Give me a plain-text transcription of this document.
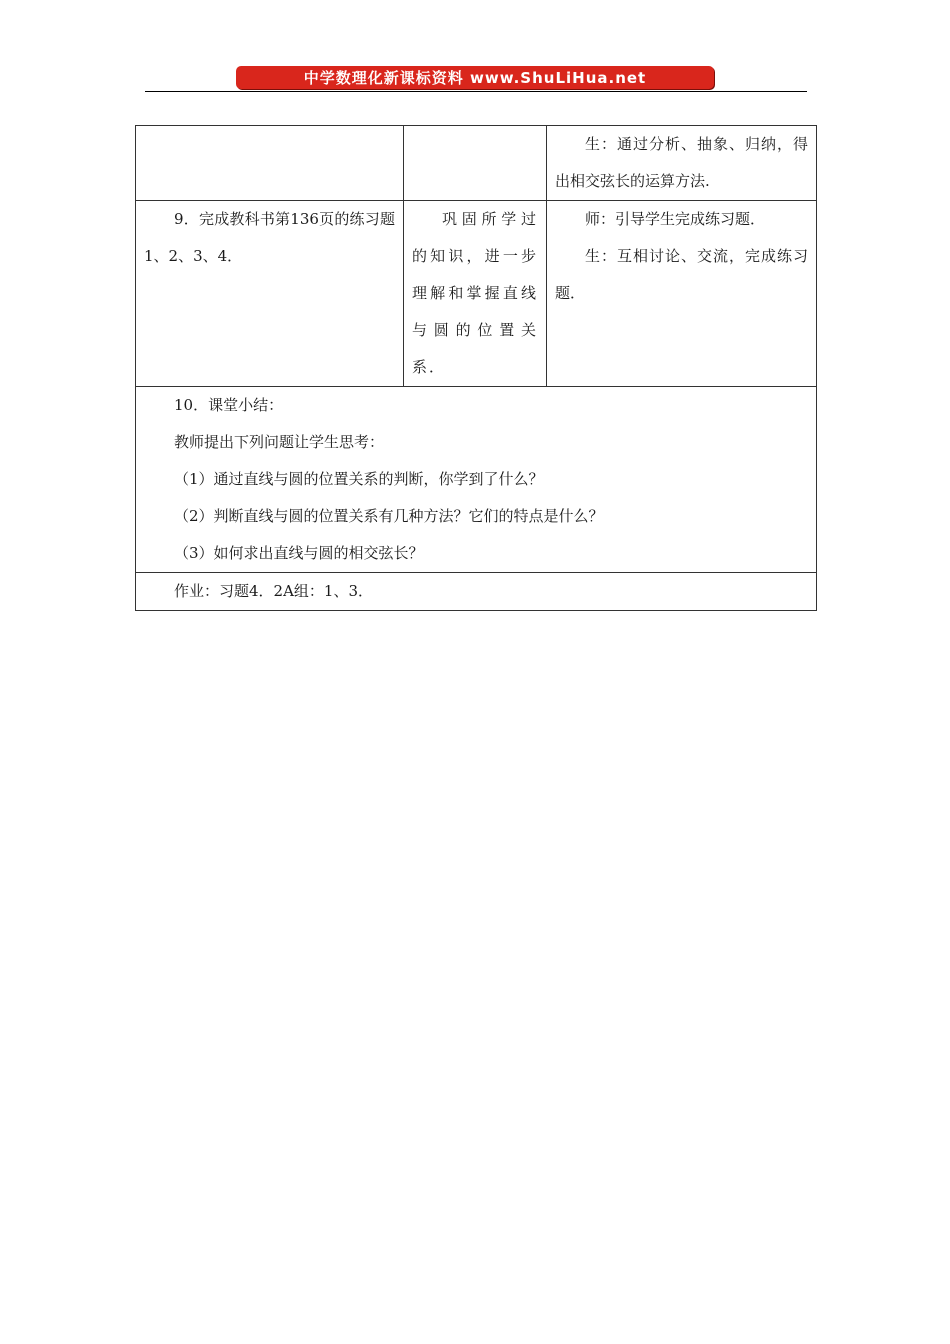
中学数理化新课标资料 www.ShuLiHua.net

		生：通过分析、抽象、归纳，得出相交弦长的运算方法.

9．完成教科书第136页的练习题1、2、3、4．	巩固所学过的知识，进一步理解和掌握直线与圆的位置关系．	师：引导学生完成练习题．

生：互相讨论、交流，完成练习题．

10．课堂小结：

教师提出下列问题让学生思考：

（1）通过直线与圆的位置关系的判断，你学到了什么？

（2）判断直线与圆的位置关系有几种方法？它们的特点是什么？

（3）如何求出直线与圆的相交弦长？		

作业：习题4．2A组：1、3．		
